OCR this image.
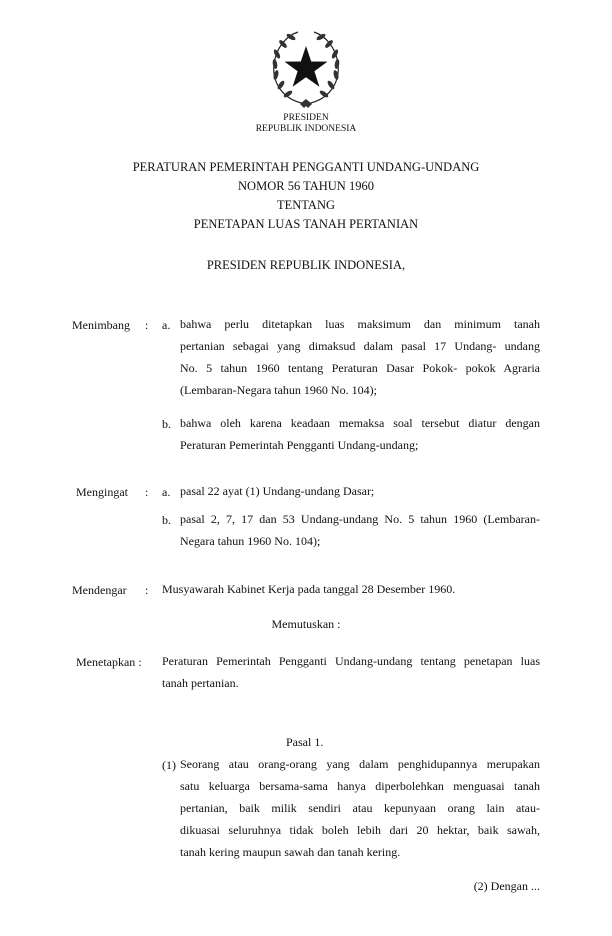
PRESIDEN
REPUBLIK INDONESIA
PERATURAN PEMERINTAH PENGGANTI UNDANG-UNDANG
NOMOR 56 TAHUN 1960
TENTANG
PENETAPAN LUAS TANAH PERTANIAN
PRESIDEN REPUBLIK INDONESIA,
Menimbang : a. bahwa perlu ditetapkan luas maksimum dan minimum tanah
pertanian sebagai yang dimaksud dalam pasal 17 Undang- undang
No. 5 tahun 1960 tentang Peraturan Dasar Pokok- pokok Agraria
(Lembaran-Negara tahun 1960 No. 104);
b. bahwa oleh karena keadaan memaksa soal tersebut diatur dengan
Peraturan Pemerintah Pengganti Undang-undang;
Mengingat : a. pasal 22 ayat (1) Undang-undang Dasar;
b. pasal 2, 7, 17 dan 53 Undang-undang No. 5 tahun 1960 (Lembaran-
Negara tahun 1960 No. 104);
Mendengar : Musyawarah Kabinet Kerja pada tanggal 28 Desember 1960.
Memutuskan :
Menetapkan : Peraturan Pemerintah Pengganti Undang-undang tentang penetapan luas
tanah pertanian.
Pasal 1.
(1) Seorang atau orang-orang yang dalam penghidupannya merupakan
satu keluarga bersama-sama hanya diperbolehkan menguasai tanah
pertanian, baik milik sendiri atau kepunyaan orang lain atau-
dikuasai seluruhnya tidak boleh lebih dari 20 hektar, baik sawah,
tanah kering maupun sawah dan tanah kering.
(2) Dengan ...
